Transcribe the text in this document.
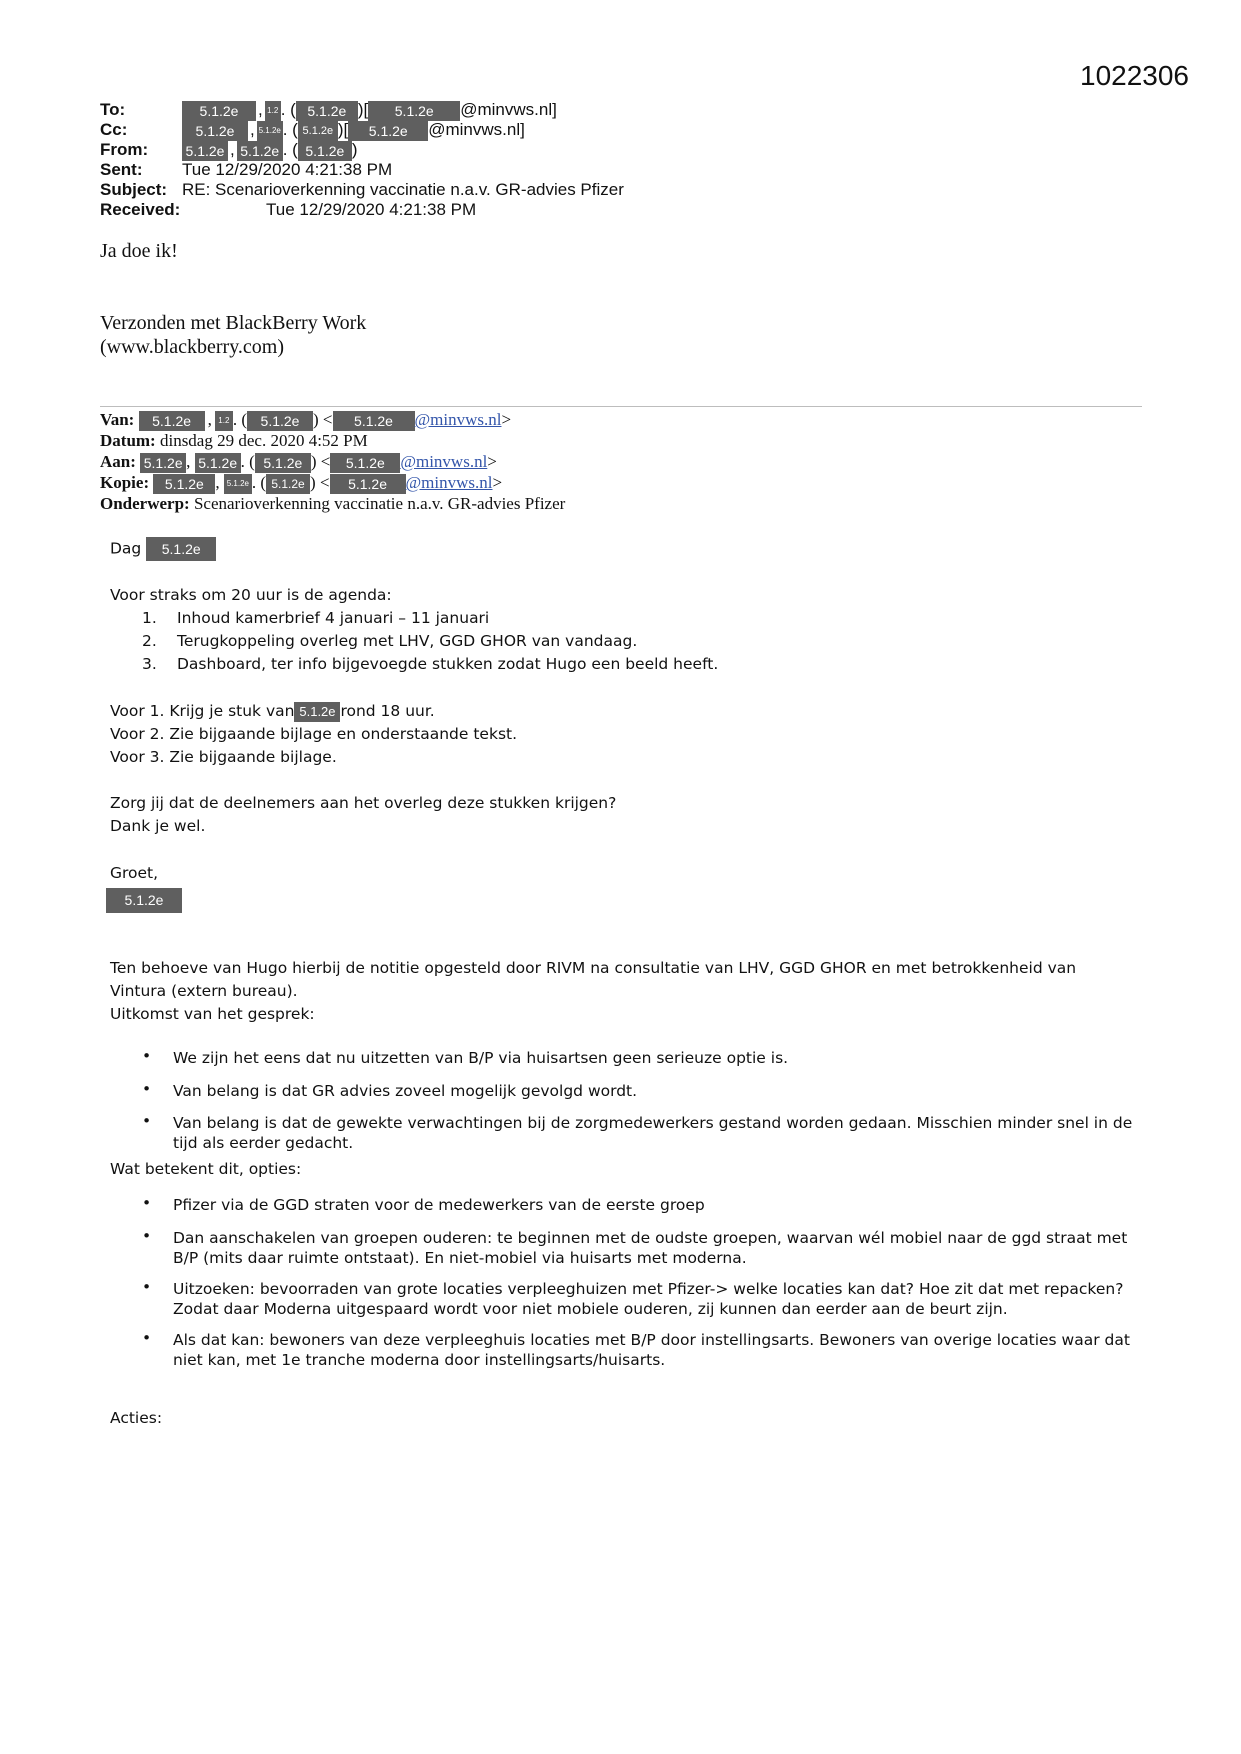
1022306
To:	5.1.2e , 1.2 . ( 5.1.2e )[ 5.1.2e @minvws.nl]
Cc:	5.1.2e , 5.1.2e . ( 5.1.2e )[ 5.1.2e @minvws.nl]
From:	5.1.2e , 5.1.2e . ( 5.1.2e )
Sent: Tue 12/29/2020 4:21:38 PM
Subject: RE: Scenarioverkenning vaccinatie n.a.v. GR-advies Pfizer
Received:	Tue 12/29/2020 4:21:38 PM
Ja doe ik!
Verzonden met BlackBerry Work
(www.blackberry.com)
Van: 5.1.2e , 1.2 . ( 5.1.2e ) < 5.1.2e @minvws.nl>
Datum: dinsdag 29 dec. 2020 4:52 PM
Aan: 5.1.2e , 5.1.2e . ( 5.1.2e ) < 5.1.2e @minvws.nl>
Kopie: 5.1.2e , 5.1.2e . ( 5.1.2e ) < 5.1.2e @minvws.nl>
Onderwerp: Scenarioverkenning vaccinatie n.a.v. GR-advies Pfizer
Dag 5.1.2e
Voor straks om 20 uur is de agenda:
1. Inhoud kamerbrief 4 januari – 11 januari
2. Terugkoppeling overleg met LHV, GGD GHOR van vandaag.
3. Dashboard, ter info bijgevoegde stukken zodat Hugo een beeld heeft.
Voor 1. Krijg je stuk van 5.1.2e rond 18 uur.
Voor 2. Zie bijgaande bijlage en onderstaande tekst.
Voor 3. Zie bijgaande bijlage.
Zorg jij dat de deelnemers aan het overleg deze stukken krijgen?
Dank je wel.
Groet,
5.1.2e
Ten behoeve van Hugo hierbij de notitie opgesteld door RIVM na consultatie van LHV, GGD GHOR en met betrokkenheid van
Vintura (extern bureau).
Uitkomst van het gesprek:
• We zijn het eens dat nu uitzetten van B/P via huisartsen geen serieuze optie is.
• Van belang is dat GR advies zoveel mogelijk gevolgd wordt.
• Van belang is dat de gewekte verwachtingen bij de zorgmedewerkers gestand worden gedaan. Misschien minder snel in de tijd als eerder gedacht.
Wat betekent dit, opties:
• Pfizer via de GGD straten voor de medewerkers van de eerste groep
• Dan aanschakelen van groepen ouderen: te beginnen met de oudste groepen, waarvan wél mobiel naar de ggd straat met B/P (mits daar ruimte ontstaat). En niet-mobiel via huisarts met moderna.
• Uitzoeken: bevoorraden van grote locaties verpleeghuizen met Pfizer-> welke locaties kan dat? Hoe zit dat met repacken? Zodat daar Moderna uitgespaard wordt voor niet mobiele ouderen, zij kunnen dan eerder aan de beurt zijn.
• Als dat kan: bewoners van deze verpleeghuis locaties met B/P door instellingsarts. Bewoners van overige locaties waar dat niet kan, met 1e tranche moderna door instellingsarts/huisarts.
Acties:
